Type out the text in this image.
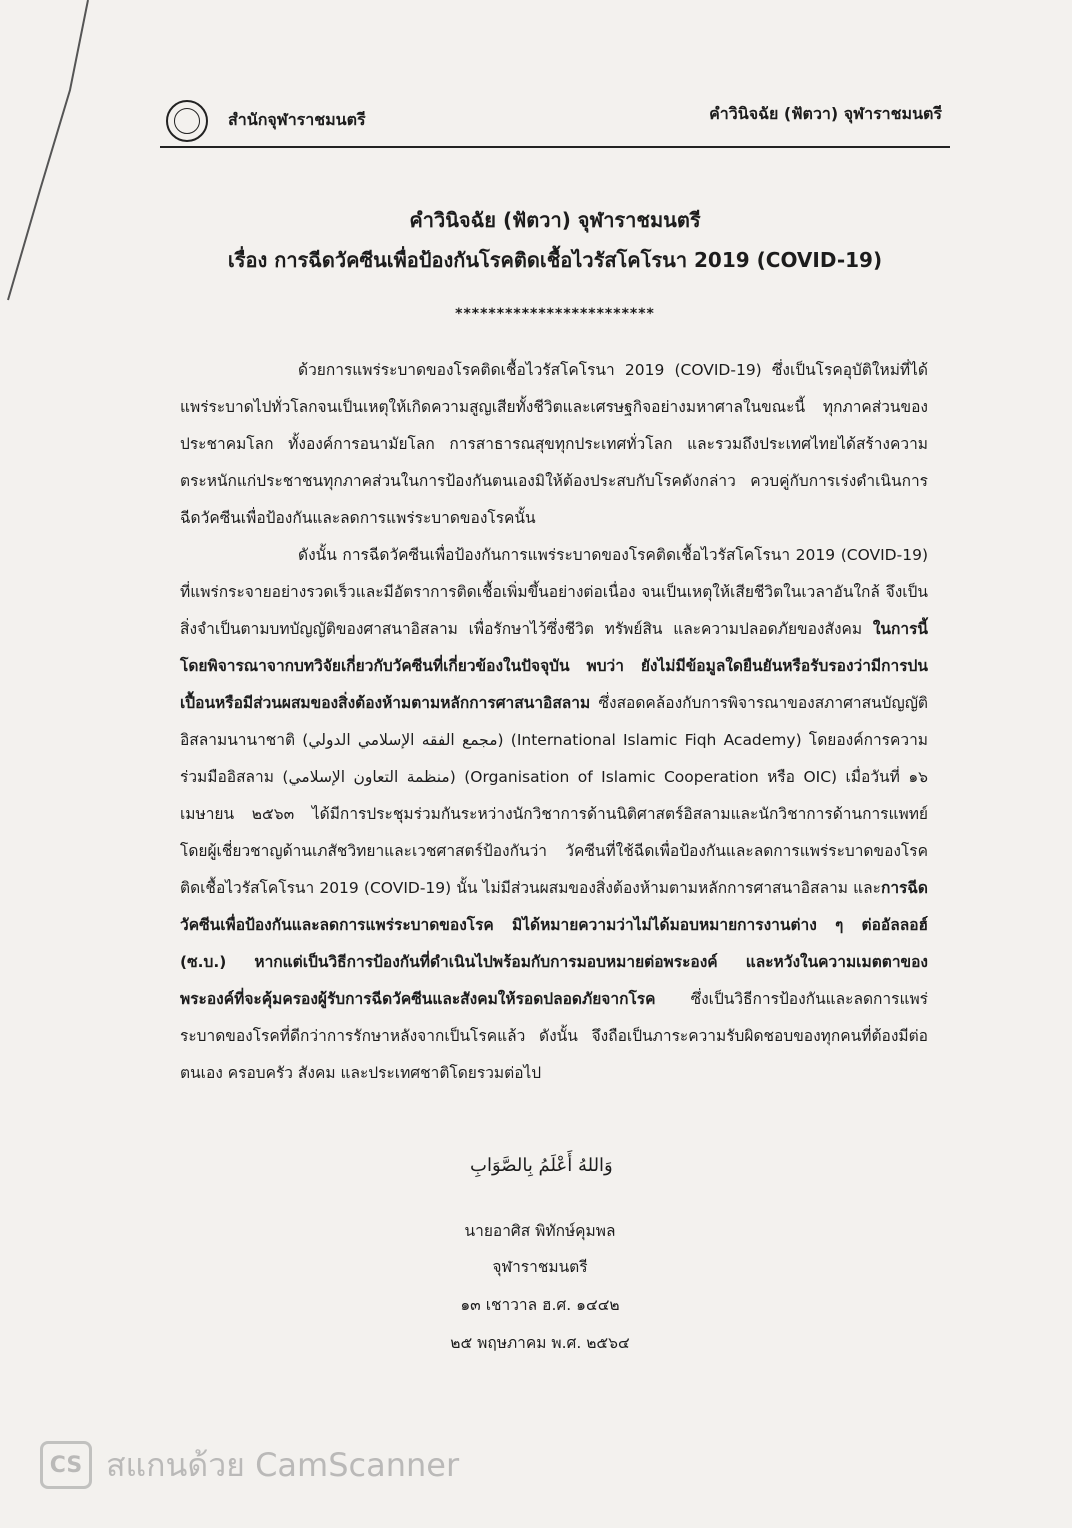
สำนักจุฬาราชมนตรี	คำวินิจฉัย (ฟัตวา) จุฬาราชมนตรี
คำวินิจฉัย (ฟัตวา) จุฬาราชมนตรี
เรื่อง การฉีดวัคซีนเพื่อป้องกันโรคติดเชื้อไวรัสโคโรนา 2019 (COVID-19)
************************

ด้วยการแพร่ระบาดของโรคติดเชื้อไวรัสโคโรนา 2019 (COVID-19) ซึ่งเป็นโรคอุบัติใหม่ที่ได้แพร่ระบาดไปทั่วโลกจนเป็นเหตุให้เกิดความสูญเสียทั้งชีวิตและเศรษฐกิจอย่างมหาศาลในขณะนี้ ทุกภาคส่วนของประชาคมโลก ทั้งองค์การอนามัยโลก การสาธารณสุขทุกประเทศทั่วโลก และรวมถึงประเทศไทยได้สร้างความตระหนักแก่ประชาชนทุกภาคส่วนในการป้องกันตนเองมิให้ต้องประสบกับโรคดังกล่าว ควบคู่กับการเร่งดำเนินการฉีดวัคซีนเพื่อป้องกันและลดการแพร่ระบาดของโรคนั้น

ดังนั้น การฉีดวัคซีนเพื่อป้องกันการแพร่ระบาดของโรคติดเชื้อไวรัสโคโรนา 2019 (COVID-19) ที่แพร่กระจายอย่างรวดเร็วและมีอัตราการติดเชื้อเพิ่มขึ้นอย่างต่อเนื่อง จนเป็นเหตุให้เสียชีวิตในเวลาอันใกล้ จึงเป็นสิ่งจำเป็นตามบทบัญญัติของศาสนาอิสลาม เพื่อรักษาไว้ซึ่งชีวิต ทรัพย์สิน และความปลอดภัยของสังคม ในการนี้ โดยพิจารณาจากบทวิจัยเกี่ยวกับวัคซีนที่เกี่ยวข้องในปัจจุบัน พบว่า ยังไม่มีข้อมูลใดยืนยันหรือรับรองว่ามีการปนเปื้อนหรือมีส่วนผสมของสิ่งต้องห้ามตามหลักการศาสนาอิสลาม ซึ่งสอดคล้องกับการพิจารณาของสภาศาสนบัญญัติอิสลามนานาชาติ (مجمع الفقه الإسلامي الدولي) (International Islamic Fiqh Academy) โดยองค์การความร่วมมืออิสลาม (منظمة التعاون الإسلامي) (Organisation of Islamic Cooperation หรือ OIC) เมื่อวันที่ ๑๖ เมษายน ๒๕๖๓ ได้มีการประชุมร่วมกันระหว่างนักวิชาการด้านนิติศาสตร์อิสลามและนักวิชาการด้านการแพทย์ โดยผู้เชี่ยวชาญด้านเภสัชวิทยาและเวชศาสตร์ป้องกันว่า วัคซีนที่ใช้ฉีดเพื่อป้องกันและลดการแพร่ระบาดของโรคติดเชื้อไวรัสโคโรนา 2019 (COVID-19) นั้น ไม่มีส่วนผสมของสิ่งต้องห้ามตามหลักการศาสนาอิสลาม และการฉีดวัคซีนเพื่อป้องกันและลดการแพร่ระบาดของโรค มิได้หมายความว่าไม่ได้มอบหมายการงานต่าง ๆ ต่ออัลลอฮ์ (ซ.บ.) หากแต่เป็นวิธีการป้องกันที่ดำเนินไปพร้อมกับการมอบหมายต่อพระองค์ และหวังในความเมตตาของพระองค์ที่จะคุ้มครองผู้รับการฉีดวัคซีนและสังคมให้รอดปลอดภัยจากโรค ซึ่งเป็นวิธีการป้องกันและลดการแพร่ระบาดของโรคที่ดีกว่าการรักษาหลังจากเป็นโรคแล้ว ดังนั้น จึงถือเป็นภาระความรับผิดชอบของทุกคนที่ต้องมีต่อตนเอง ครอบครัว สังคม และประเทศชาติโดยรวมต่อไป

وَاللهُ أَعْلَمُ بِالصَّوَابِ
นายอาศิส พิทักษ์คุมพล
จุฬาราชมนตรี
๑๓ เชาวาล ฮ.ศ. ๑๔๔๒
๒๕ พฤษภาคม พ.ศ. ๒๕๖๔
CS สแกนด้วย CamScanner
